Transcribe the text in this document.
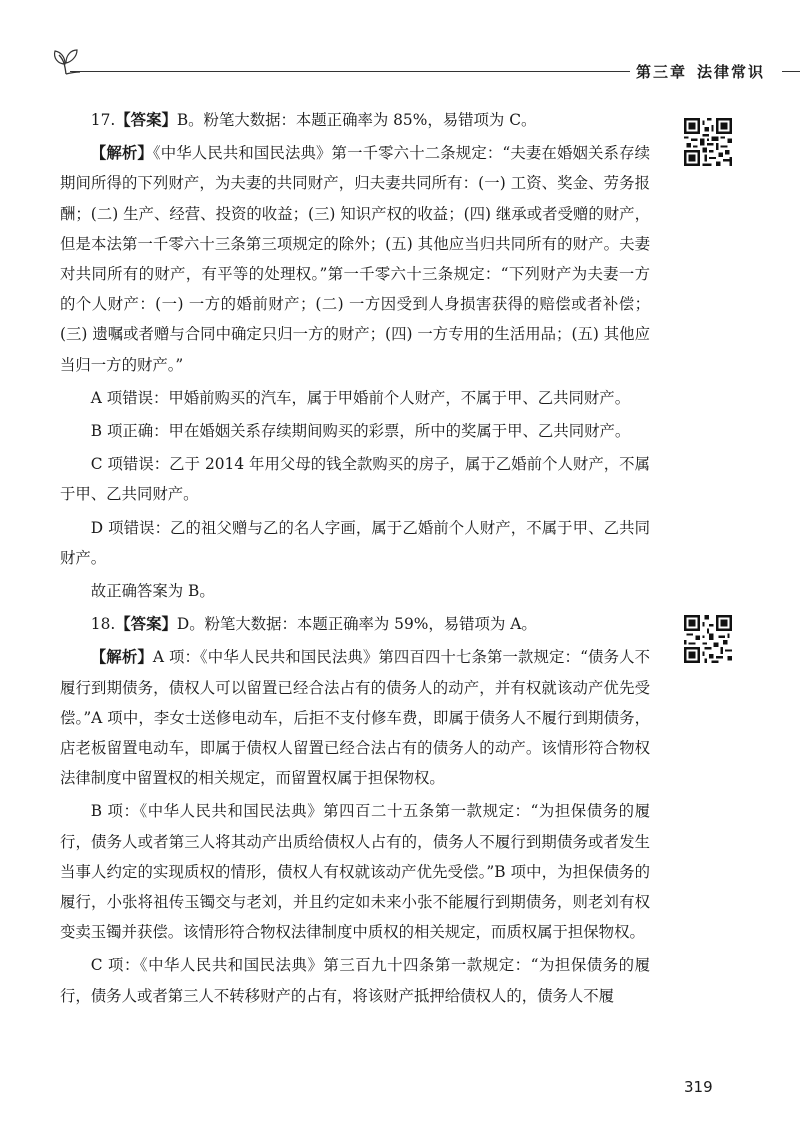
第三章 法律常识

17.【答案】B。粉笔大数据：本题正确率为 85%，易错项为 C。

【解析】《中华人民共和国民法典》第一千零六十二条规定：“夫妻在婚姻关系存续期间所得的下列财产，为夫妻的共同财产，归夫妻共同所有：(一) 工资、奖金、劳务报酬；(二) 生产、经营、投资的收益；(三) 知识产权的收益；(四) 继承或者受赠的财产，但是本法第一千零六十三条第三项规定的除外；(五) 其他应当归共同所有的财产。夫妻对共同所有的财产，有平等的处理权。”第一千零六十三条规定：“下列财产为夫妻一方的个人财产：(一) 一方的婚前财产；(二) 一方因受到人身损害获得的赔偿或者补偿；(三) 遗嘱或者赠与合同中确定只归一方的财产；(四) 一方专用的生活用品；(五) 其他应当归一方的财产。”

A 项错误：甲婚前购买的汽车，属于甲婚前个人财产，不属于甲、乙共同财产。

B 项正确：甲在婚姻关系存续期间购买的彩票，所中的奖属于甲、乙共同财产。

C 项错误：乙于 2014 年用父母的钱全款购买的房子，属于乙婚前个人财产，不属于甲、乙共同财产。

D 项错误：乙的祖父赠与乙的名人字画，属于乙婚前个人财产，不属于甲、乙共同财产。

故正确答案为 B。

18.【答案】D。粉笔大数据：本题正确率为 59%，易错项为 A。

【解析】A 项：《中华人民共和国民法典》第四百四十七条第一款规定：“债务人不履行到期债务，债权人可以留置已经合法占有的债务人的动产，并有权就该动产优先受偿。”A 项中，李女士送修电动车，后拒不支付修车费，即属于债务人不履行到期债务，店老板留置电动车，即属于债权人留置已经合法占有的债务人的动产。该情形符合物权法律制度中留置权的相关规定，而留置权属于担保物权。

B 项：《中华人民共和国民法典》第四百二十五条第一款规定：“为担保债务的履行，债务人或者第三人将其动产出质给债权人占有的，债务人不履行到期债务或者发生当事人约定的实现质权的情形，债权人有权就该动产优先受偿。”B 项中，为担保债务的履行，小张将祖传玉镯交与老刘，并且约定如未来小张不能履行到期债务，则老刘有权变卖玉镯并获偿。该情形符合物权法律制度中质权的相关规定，而质权属于担保物权。

C 项：《中华人民共和国民法典》第三百九十四条第一款规定：“为担保债务的履行，债务人或者第三人不转移财产的占有，将该财产抵押给债权人的，债务人不履

319
